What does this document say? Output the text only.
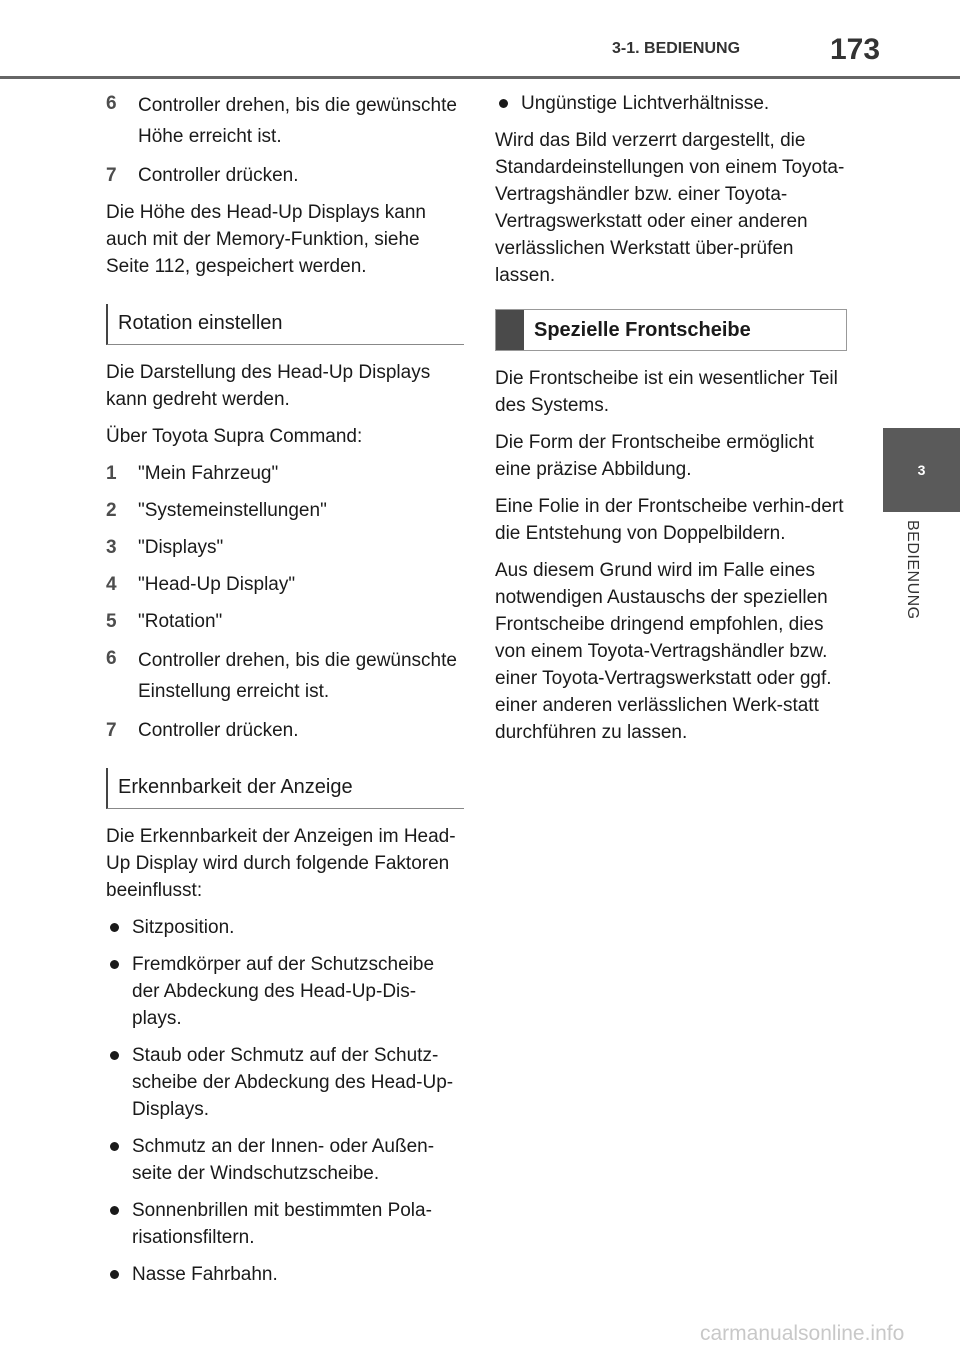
3-1. BEDIENUNG	173
3
BEDIENUNG
6	Controller drehen, bis die gewünschte Höhe erreicht ist.
7	Controller drücken.

Die Höhe des Head-Up Displays kann auch mit der Memory-Funktion, siehe Seite 112, gespeichert werden.

Rotation einstellen

Die Darstellung des Head-Up Displays kann gedreht werden.

Über Toyota Supra Command:

1	"Mein Fahrzeug"
2	"Systemeinstellungen"
3	"Displays"
4	"Head-Up Display"
5	"Rotation"
6	Controller drehen, bis die gewünschte Einstellung erreicht ist.
7	Controller drücken.
Erkennbarkeit der Anzeige

Die Erkennbarkeit der Anzeigen im Head-Up Display wird durch folgende Faktoren beeinflusst:

Sitzposition.
Fremdkörper auf der Schutzscheibe der Abdeckung des Head-Up-Dis-plays.
Staub oder Schmutz auf der Schutz-scheibe der Abdeckung des Head-Up-Displays.
Schmutz an der Innen- oder Außen-seite der Windschutzscheibe.
Sonnenbrillen mit bestimmten Pola-risationsfiltern.
Nasse Fahrbahn.
Ungünstige Lichtverhältnisse.

Wird das Bild verzerrt dargestellt, die Standardeinstellungen von einem Toyota-Vertragshändler bzw. einer Toyota-Vertragswerkstatt oder einer anderen verlässlichen Werkstatt über-prüfen lassen.

Spezielle Frontscheibe

Die Frontscheibe ist ein wesentlicher Teil des Systems.

Die Form der Frontscheibe ermöglicht eine präzise Abbildung.

Eine Folie in der Frontscheibe verhin-dert die Entstehung von Doppelbildern.

Aus diesem Grund wird im Falle eines notwendigen Austauschs der speziellen Frontscheibe dringend empfohlen, dies von einem Toyota-Vertragshändler bzw. einer Toyota-Vertragswerkstatt oder ggf. einer anderen verlässlichen Werk-statt durchführen zu lassen.

carmanualsonline.info
